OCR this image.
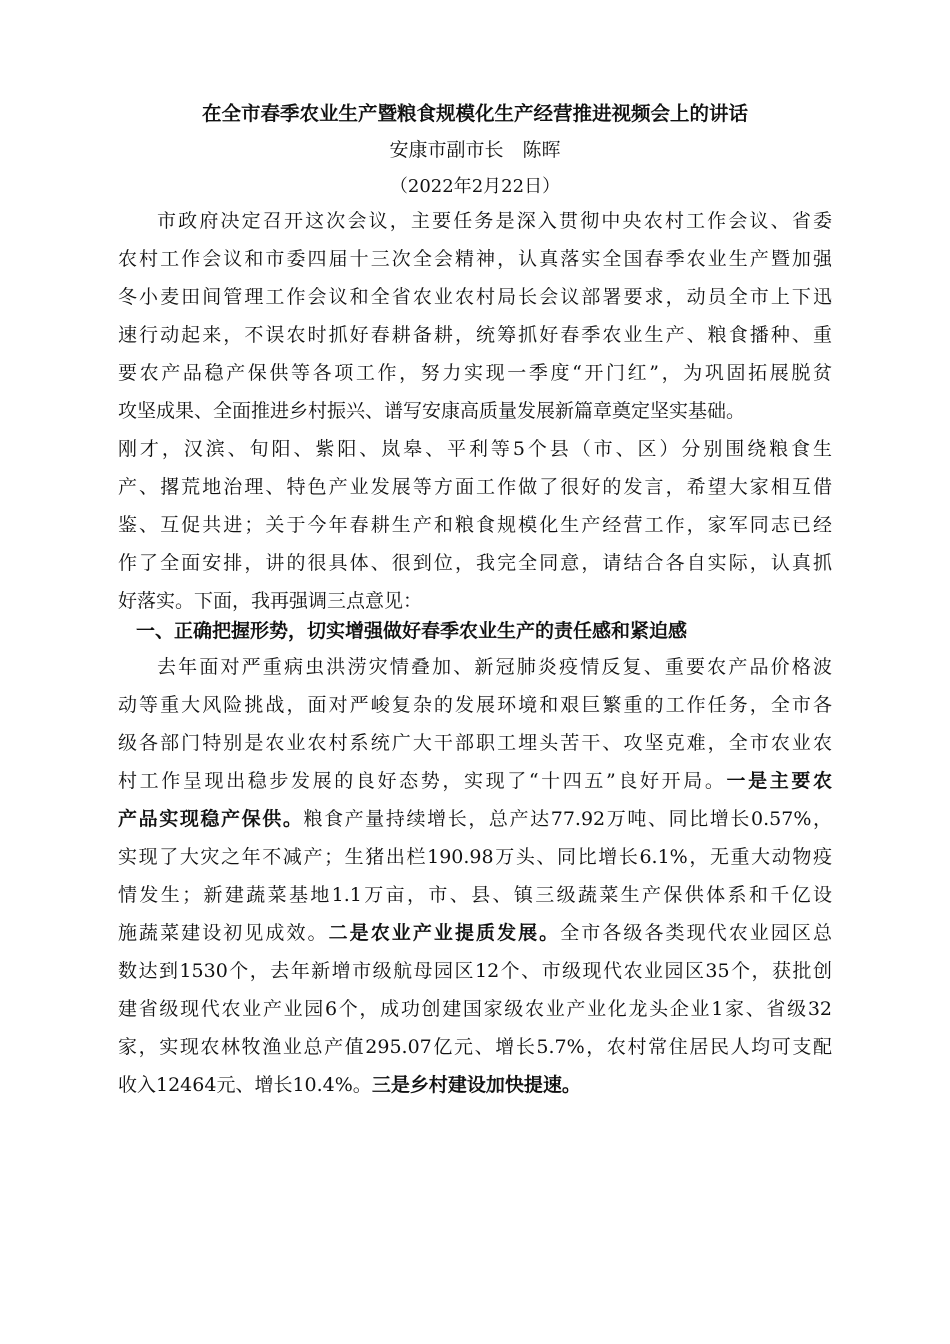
在全市春季农业生产暨粮食规模化生产经营推进视频会上的讲话
安康市副市长　陈晖
（2022年2月22日）
市政府决定召开这次会议，主要任务是深入贯彻中央农村工作会议、省委
农村工作会议和市委四届十三次全会精神，认真落实全国春季农业生产暨加强
冬小麦田间管理工作会议和全省农业农村局长会议部署要求，动员全市上下迅
速行动起来，不误农时抓好春耕备耕，统筹抓好春季农业生产、粮食播种、重
要农产品稳产保供等各项工作，努力实现一季度“开门红”，为巩固拓展脱贫
攻坚成果、全面推进乡村振兴、谱写安康高质量发展新篇章奠定坚实基础。
刚才，汉滨、旬阳、紫阳、岚皋、平利等5个县（市、区）分别围绕粮食生
产、撂荒地治理、特色产业发展等方面工作做了很好的发言，希望大家相互借
鉴、互促共进；关于今年春耕生产和粮食规模化生产经营工作，家军同志已经
作了全面安排，讲的很具体、很到位，我完全同意，请结合各自实际，认真抓
好落实。下面，我再强调三点意见：
一、正确把握形势，切实增强做好春季农业生产的责任感和紧迫感
去年面对严重病虫洪涝灾情叠加、新冠肺炎疫情反复、重要农产品价格波
动等重大风险挑战，面对严峻复杂的发展环境和艰巨繁重的工作任务，全市各
级各部门特别是农业农村系统广大干部职工埋头苦干、攻坚克难，全市农业农
村工作呈现出稳步发展的良好态势，实现了“十四五”良好开局。一是主要农
产品实现稳产保供。粮食产量持续增长，总产达77.92万吨、同比增长0.57%，
实现了大灾之年不减产；生猪出栏190.98万头、同比增长6.1%，无重大动物疫
情发生；新建蔬菜基地1.1万亩，市、县、镇三级蔬菜生产保供体系和千亿设
施蔬菜建设初见成效。二是农业产业提质发展。全市各级各类现代农业园区总
数达到1530个，去年新增市级航母园区12个、市级现代农业园区35个，获批创
建省级现代农业产业园6个，成功创建国家级农业产业化龙头企业1家、省级32
家，实现农林牧渔业总产值295.07亿元、增长5.7%，农村常住居民人均可支配
收入12464元、增长10.4%。三是乡村建设加快提速。
